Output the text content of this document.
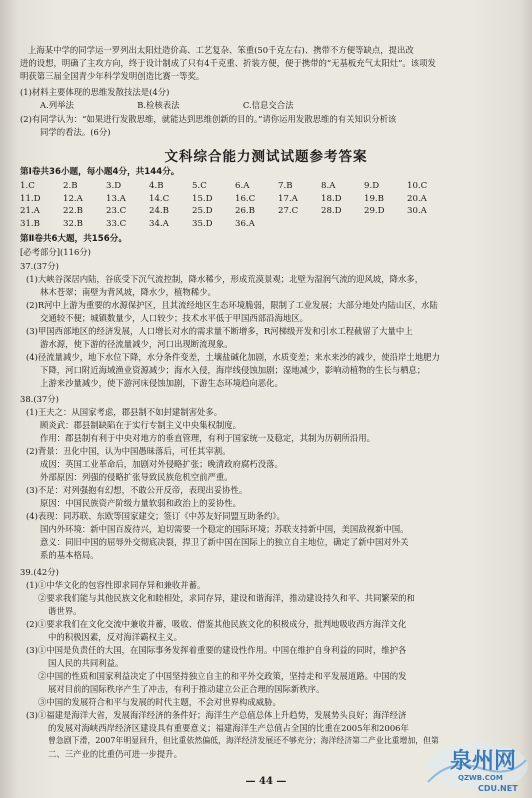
上海某中学的同学运一罗列出太阳灶造价高、工艺复杂、笨重(50千克左右)、携带不方便等缺点，提出改
进的设想，明确了主攻方向，终于设计制成了只有4千克重、折装方便，便于携带的“无基板充气太阳灶”。该项发
明获第三届全国青少年科学发明创造比赛一等奖。
(1)材料主要体现的思维发散技法是(4分)
A.列举法	B.检核表法	C.信息交合法
(2)有同学认为：“如果进行发散思维，就能达到思维创新的目的。”请你运用发散思维的有关知识分析该
同学的看法。(6分)
文科综合能力测试试题参考答案
第Ⅰ卷共36小题，每小题4分，共144分。
1.C	2.B	3.D	4.B	5.C	6.A	7.B	8.A	9.D	10.C
11.D	12.A	13.A	14.C	15.D	16.C	17.A	18.D	19.B	20.A
21.A	22.B	23.C	24.B	25.D	26.B	27.C	28.D	29.D	30.A
31.B	32.B	33.C	34.A	35.D	36.A
第Ⅱ卷共6大题，共156分。
[必考部分](116分)
37.(37分)
(1)大峡谷深居内陆，谷底受下沉气流控制，降水稀少，形成荒漠景观；北壁为湿润气流的迎风坡，降水多，
林木苍翠；南壁为背风坡，降水少，植物稀少。
(2)R河中上游为重要的水源保护区，且其流经地区生态环境脆弱，限制了工业发展；大部分地处内陆山区，水陆
交通较不便；城镇数量少，人口较少；技术水平低于甲国西部沿海地区。
(3)甲国西部地区的经济发展，人口增长对水的需求量不断增多，R河梯级开发和引水工程截留了大量中上
游水源，使下游的径流量减少，河口出现断流现象。
(4)径流量减少，地下水位下降，水分条件变差，土壤盐碱化加剧，水质变差；来水来沙的减少，使沿岸土地肥力
下降，河口附近海域渔业资源减少；海水入侵，海岸线侵蚀加剧；湿地减少，影响动植物的生长与栖息；
上游来沙量减少，使下游河床侵蚀加剧，下游生态环境趋向恶化。
38.(37分)
(1)王夫之：从国家考虑，郡县制不如封建制害处多。
顾炎武：郡县制缺陷在于实行专制主义中央集权制度。
作用：郡县制有利于中央对地方的垂直管理，有利于国家统一及稳定，其制为历朝所沿用。
(2)背景：丑化中国，认为中国愚昧落后，可任其宰割。
成因：英国工业革命后，加剧对外侵略扩张；晚清政府腐朽没落。
外部原因：列强的侵略扩张导致民族危机空前严重。
(3)不足：对列强抱有幻想，不敢公开反帝，表现出妥协性。
原因：中国民族资产阶级力量软弱和政治上的妥协性。
(4)表现：同苏联、东欧等国家建交；签订《中苏友好同盟互助条约》。
国内外环境：新中国百废待兴，迫切需要一个稳定的国际环境；苏联支持新中国，美国敌视新中国。
意义：同旧中国的屈辱外交彻底决裂，捍卫了新中国在国际上的独立自主地位，确定了新中国对外关
系的基本格局。
39.(42分)
(1)①中华文化的包容性即求同存异和兼收并蓄。
②要求我们能与其他民族文化和睦相处，求同存异，建设和谐海洋，推动建设持久和平、共同繁荣的和
谐世界。
(2)①要求我们在文化交流中兼收并蓄，吸收、借鉴其他民族文化的积极成分，批判地吸收西方海洋文化
中的积极因素，反对海洋霸权主义。
(3)①中国是负责任的大国，在国际事务发挥着重要的建设性作用。中国在维护自身利益的同时，维护各
国人民的共同利益。
②中国的性质和国家利益决定了中国坚持独立自主的和平外交政策，坚持走和平发展道路。中国的发
展对目前的国际秩序产生了冲击，有利于推动建立公正合理的国际新秩序。
③中国的发展符合和平与发展的时代主题，不会对世界构成威胁。
(3)①福建是海洋大省，发展海洋经济的条件好；海洋生产总值总体上升趋势，发展势头良好；海洋经济
的发展对海峡西岸经济区建设具有重要意义；福建海洋生产总值占全国的比重在2005年和2006年
曾急剧下滑，2007年明显回升，但比重依然偏低，海洋经济发展还不够充分；海洋经济第二产业比重增加，但第
二、三产业的比重仍可进一步提升。
— 44 —
泉州网
QZWB.COM
CDU.NET
